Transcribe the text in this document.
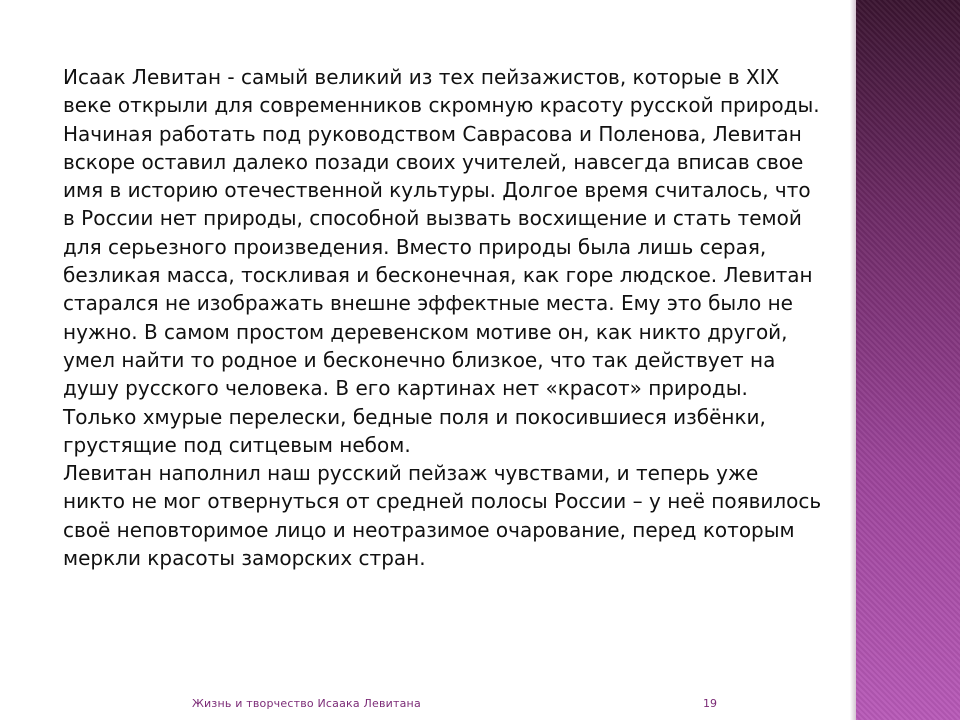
Исаак Левитан - самый великий из тех пейзажистов, которые в XIX веке открыли для современников скромную красоту русской природы. Начиная работать под руководством Саврасова и Поленова, Левитан вскоре оставил далеко позади своих учителей, навсегда вписав свое имя в историю отечественной культуры. Долгое время считалось, что в России нет природы, способной вызвать восхищение и стать темой для серьезного произведения. Вместо природы была лишь серая, безликая масса, тоскливая и бесконечная, как горе людское. Левитан старался не изображать внешне эффектные места. Ему это было не нужно. В самом простом деревенском мотиве он, как никто другой, умел найти то родное и бесконечно близкое, что так действует на душу русского человека. В его картинах нет «красот» природы. Только хмурые перелески, бедные поля и покосившиеся избёнки, грустящие под ситцевым небом.

Левитан наполнил наш русский пейзаж чувствами, и теперь уже никто не мог отвернуться от средней полосы России – у неё появилось своё неповторимое лицо и неотразимое очарование, перед которым меркли красоты заморских стран.

Жизнь и творчество Исаака Левитана	19
